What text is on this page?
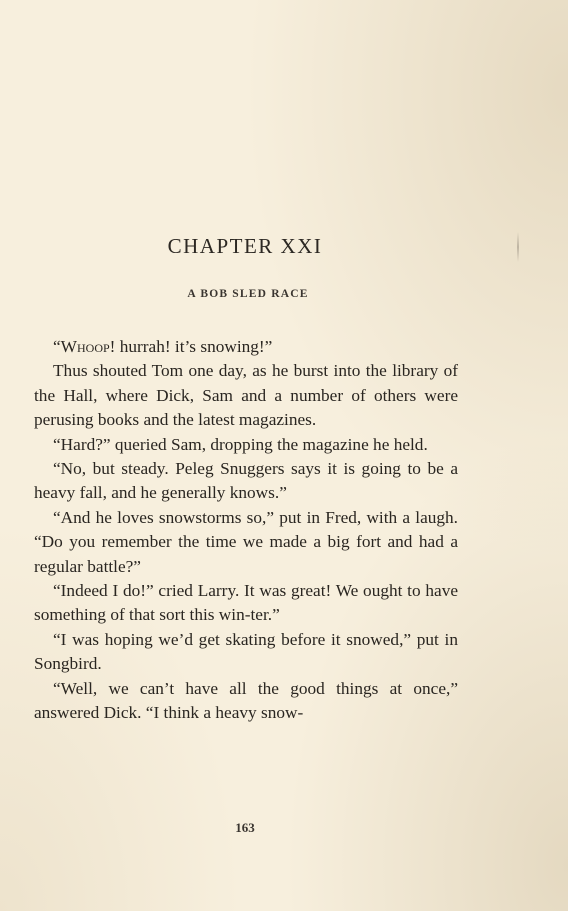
CHAPTER XXI
A BOB SLED RACE

“Whoop! hurrah! it’s snowing!”

Thus shouted Tom one day, as he burst into the library of the Hall, where Dick, Sam and a number of others were perusing books and the latest magazines.

“Hard?” queried Sam, dropping the magazine he held.

“No, but steady. Peleg Snuggers says it is going to be a heavy fall, and he generally knows.”

“And he loves snowstorms so,” put in Fred, with a laugh. “Do you remember the time we made a big fort and had a regular battle?”

“Indeed I do!” cried Larry. It was great! We ought to have something of that sort this win-ter.”

“I was hoping we’d get skating before it snowed,” put in Songbird.

“Well, we can’t have all the good things at once,” answered Dick. “I think a heavy snow-

163
